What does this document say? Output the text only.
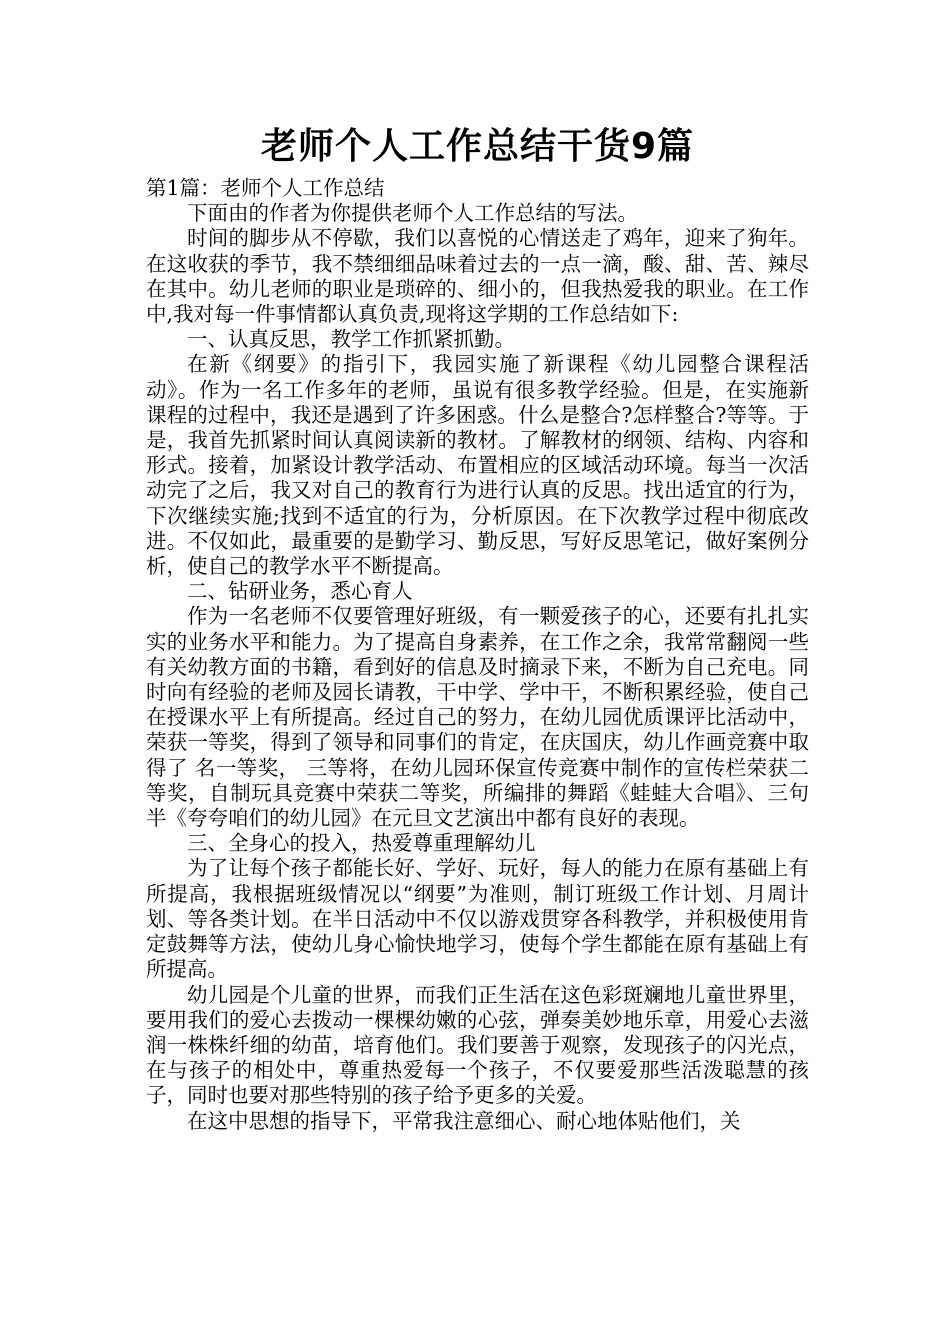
老师个人工作总结干货9篇

第1篇：老师个人工作总结

下面由的作者为你提供老师个人工作总结的写法。

时间的脚步从不停歇，我们以喜悦的心情送走了鸡年，迎来了狗年。在这收获的季节，我不禁细细品味着过去的一点一滴，酸、甜、苦、辣尽在其中。幼儿老师的职业是琐碎的、细小的，但我热爱我的职业。在工作中,我对每一件事情都认真负责,现将这学期的工作总结如下:

一、认真反思，教学工作抓紧抓勤。

在新《纲要》的指引下，我园实施了新课程《幼儿园整合课程活动》。作为一名工作多年的老师，虽说有很多教学经验。但是，在实施新课程的过程中，我还是遇到了许多困惑。什么是整合?怎样整合?等等。于是，我首先抓紧时间认真阅读新的教材。了解教材的纲领、结构、内容和形式。接着，加紧设计教学活动、布置相应的区域活动环境。每当一次活动完了之后，我又对自己的教育行为进行认真的反思。找出适宜的行为，下次继续实施;找到不适宜的行为，分析原因。在下次教学过程中彻底改进。不仅如此，最重要的是勤学习、勤反思，写好反思笔记，做好案例分析，使自己的教学水平不断提高。

二、钻研业务，悉心育人

作为一名老师不仅要管理好班级，有一颗爱孩子的心，还要有扎扎实实的业务水平和能力。为了提高自身素养，在工作之余，我常常翻阅一些有关幼教方面的书籍，看到好的信息及时摘录下来，不断为自己充电。同时向有经验的老师及园长请教，干中学、学中干，不断积累经验，使自己在授课水平上有所提高。经过自己的努力，在幼儿园优质课评比活动中，荣获一等奖，得到了领导和同事们的肯定，在庆国庆，幼儿作画竞赛中取得了 名一等奖， 三等将，在幼儿园环保宣传竞赛中制作的宣传栏荣获二等奖，自制玩具竞赛中荣获二等奖，所编排的舞蹈《蛙蛙大合唱》、三句半《夸夸咱们的幼儿园》在元旦文艺演出中都有良好的表现。

三、全身心的投入，热爱尊重理解幼儿

为了让每个孩子都能长好、学好、玩好，每人的能力在原有基础上有所提高，我根据班级情况以“纲要”为准则，制订班级工作计划、月周计划、等各类计划。在半日活动中不仅以游戏贯穿各科教学，并积极使用肯定鼓舞等方法，使幼儿身心愉快地学习，使每个学生都能在原有基础上有所提高。

幼儿园是个儿童的世界，而我们正生活在这色彩斑斓地儿童世界里，要用我们的爱心去拨动一棵棵幼嫩的心弦，弹奏美妙地乐章，用爱心去滋润一株株纤细的幼苗，培育他们。我们要善于观察，发现孩子的闪光点，在与孩子的相处中，尊重热爱每一个孩子，不仅要爱那些活泼聪慧的孩子，同时也要对那些特别的孩子给予更多的关爱。

在这中思想的指导下，平常我注意细心、耐心地体贴他们，关
